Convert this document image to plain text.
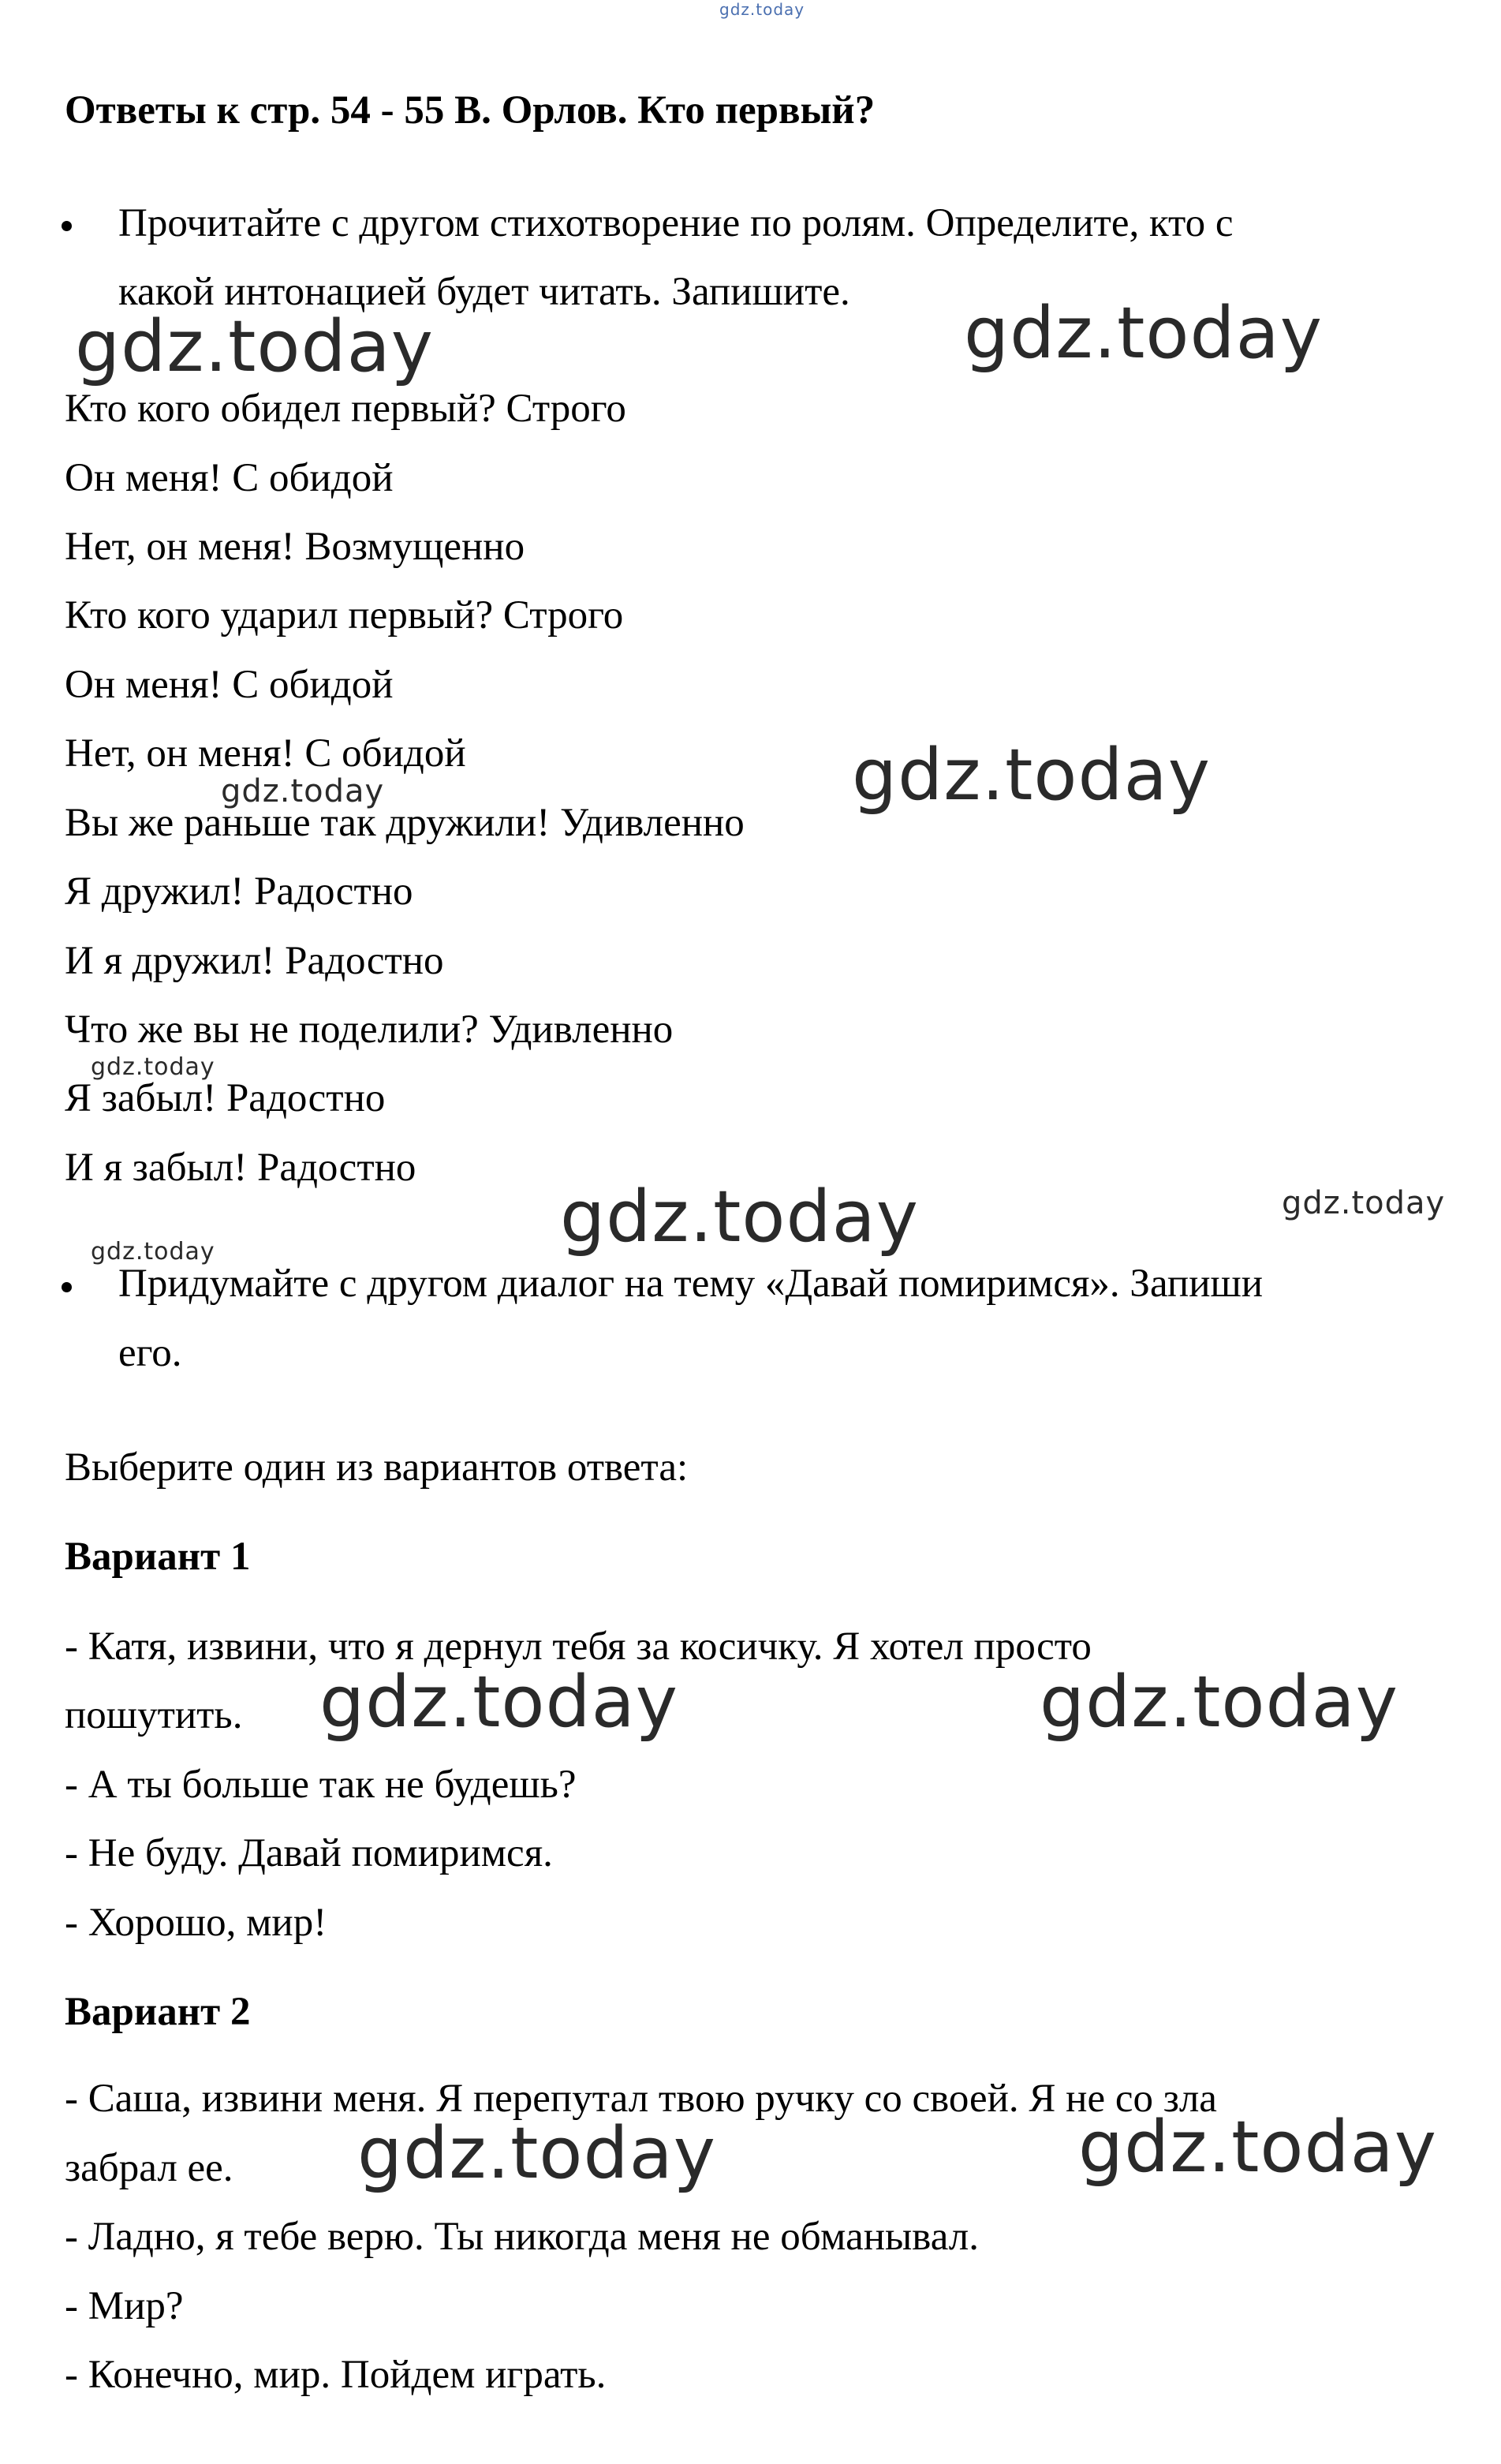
gdz.today
Ответы к стр. 54 - 55 В. Орлов. Кто первый?
Прочитайте с другом стихотворение по ролям. Определите, кто с
какой интонацией будет читать. Запишите.
Кто кого обидел первый? Строго
Он меня! С обидой
Нет, он меня! Возмущенно
Кто кого ударил первый? Строго
Он меня! С обидой
Нет, он меня! С обидой
Вы же раньше так дружили! Удивленно
Я дружил! Радостно
И я дружил! Радостно
Что же вы не поделили? Удивленно
Я забыл! Радостно
И я забыл! Радостно
Придумайте с другом диалог на тему «Давай помиримся». Запиши
его.
Выберите один из вариантов ответа:
Вариант 1
- Катя, извини, что я дернул тебя за косичку. Я хотел просто
пошутить.
- А ты больше так не будешь?
- Не буду. Давай помиримся.
- Хорошо, мир!
Вариант 2
- Саша, извини меня. Я перепутал твою ручку со своей. Я не со зла
забрал ее.
- Ладно, я тебе верю. Ты никогда меня не обманывал.
- Мир?
- Конечно, мир. Пойдем играть.
gdz.today	gdz.today
gdz.today	gdz.today
gdz.today
gdz.today	gdz.today
gdz.today
gdz.today	gdz.today
gdz.today	gdz.today
